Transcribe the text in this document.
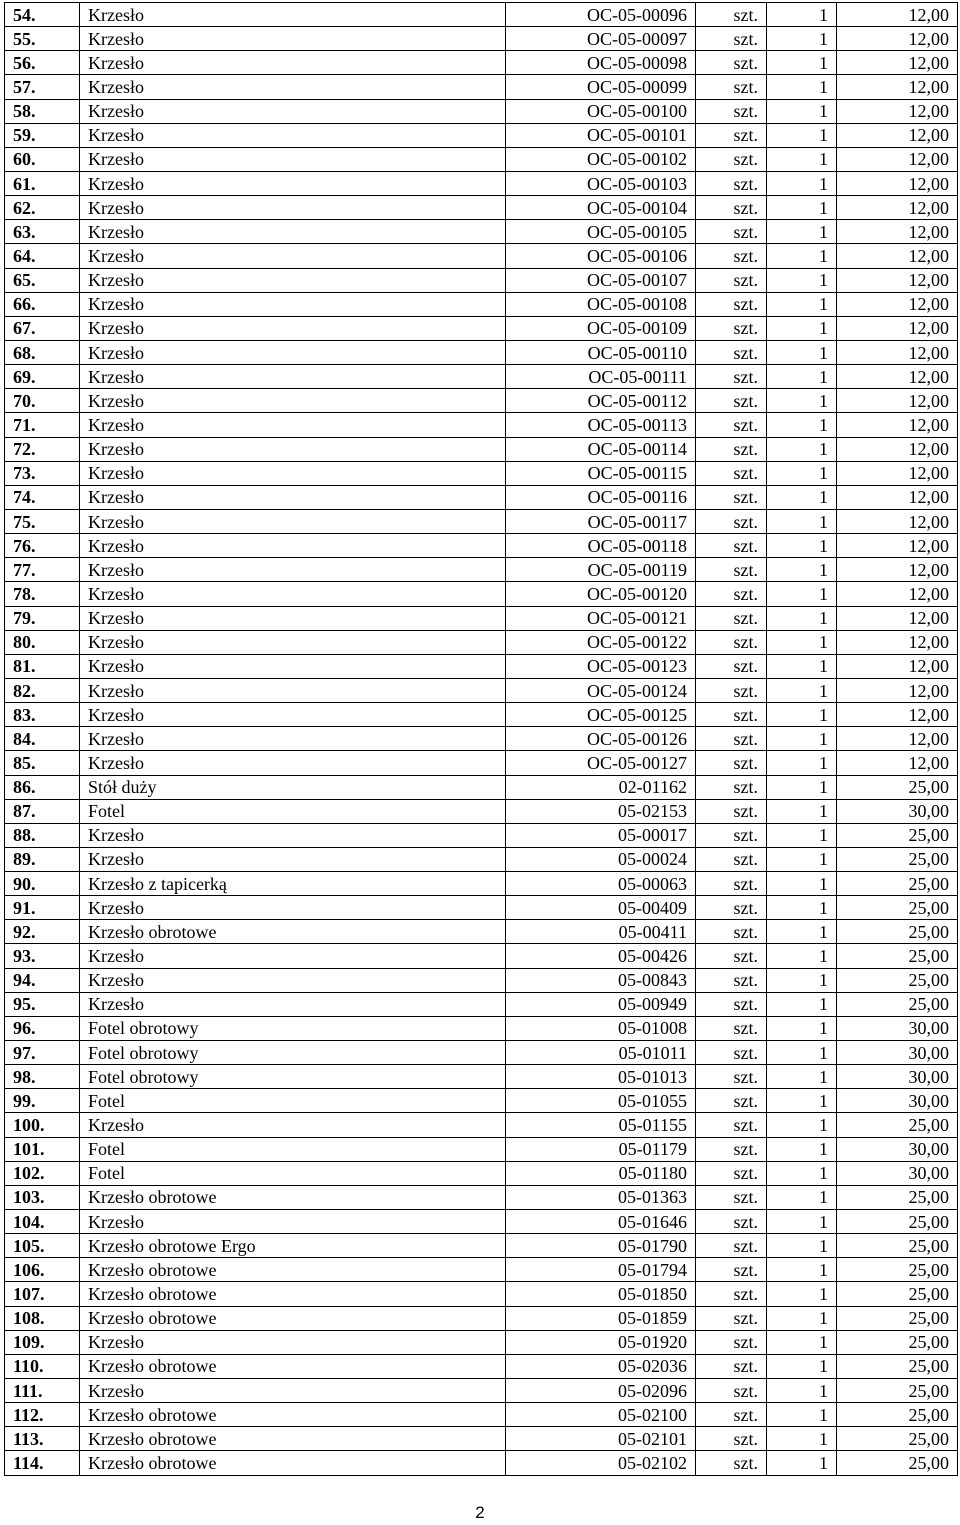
54.	Krzesło	OC-05-00096	szt.	1	12,00
55.	Krzesło	OC-05-00097	szt.	1	12,00
56.	Krzesło	OC-05-00098	szt.	1	12,00
57.	Krzesło	OC-05-00099	szt.	1	12,00
58.	Krzesło	OC-05-00100	szt.	1	12,00
59.	Krzesło	OC-05-00101	szt.	1	12,00
60.	Krzesło	OC-05-00102	szt.	1	12,00
61.	Krzesło	OC-05-00103	szt.	1	12,00
62.	Krzesło	OC-05-00104	szt.	1	12,00
63.	Krzesło	OC-05-00105	szt.	1	12,00
64.	Krzesło	OC-05-00106	szt.	1	12,00
65.	Krzesło	OC-05-00107	szt.	1	12,00
66.	Krzesło	OC-05-00108	szt.	1	12,00
67.	Krzesło	OC-05-00109	szt.	1	12,00
68.	Krzesło	OC-05-00110	szt.	1	12,00
69.	Krzesło	OC-05-00111	szt.	1	12,00
70.	Krzesło	OC-05-00112	szt.	1	12,00
71.	Krzesło	OC-05-00113	szt.	1	12,00
72.	Krzesło	OC-05-00114	szt.	1	12,00
73.	Krzesło	OC-05-00115	szt.	1	12,00
74.	Krzesło	OC-05-00116	szt.	1	12,00
75.	Krzesło	OC-05-00117	szt.	1	12,00
76.	Krzesło	OC-05-00118	szt.	1	12,00
77.	Krzesło	OC-05-00119	szt.	1	12,00
78.	Krzesło	OC-05-00120	szt.	1	12,00
79.	Krzesło	OC-05-00121	szt.	1	12,00
80.	Krzesło	OC-05-00122	szt.	1	12,00
81.	Krzesło	OC-05-00123	szt.	1	12,00
82.	Krzesło	OC-05-00124	szt.	1	12,00
83.	Krzesło	OC-05-00125	szt.	1	12,00
84.	Krzesło	OC-05-00126	szt.	1	12,00
85.	Krzesło	OC-05-00127	szt.	1	12,00
86.	Stół duży	02-01162	szt.	1	25,00
87.	Fotel	05-02153	szt.	1	30,00
88.	Krzesło	05-00017	szt.	1	25,00
89.	Krzesło	05-00024	szt.	1	25,00
90.	Krzesło z tapicerką	05-00063	szt.	1	25,00
91.	Krzesło	05-00409	szt.	1	25,00
92.	Krzesło obrotowe	05-00411	szt.	1	25,00
93.	Krzesło	05-00426	szt.	1	25,00
94.	Krzesło	05-00843	szt.	1	25,00
95.	Krzesło	05-00949	szt.	1	25,00
96.	Fotel obrotowy	05-01008	szt.	1	30,00
97.	Fotel obrotowy	05-01011	szt.	1	30,00
98.	Fotel obrotowy	05-01013	szt.	1	30,00
99.	Fotel	05-01055	szt.	1	30,00
100.	Krzesło	05-01155	szt.	1	25,00
101.	Fotel	05-01179	szt.	1	30,00
102.	Fotel	05-01180	szt.	1	30,00
103.	Krzesło obrotowe	05-01363	szt.	1	25,00
104.	Krzesło	05-01646	szt.	1	25,00
105.	Krzesło obrotowe Ergo	05-01790	szt.	1	25,00
106.	Krzesło obrotowe	05-01794	szt.	1	25,00
107.	Krzesło obrotowe	05-01850	szt.	1	25,00
108.	Krzesło obrotowe	05-01859	szt.	1	25,00
109.	Krzesło	05-01920	szt.	1	25,00
110.	Krzesło obrotowe	05-02036	szt.	1	25,00
111.	Krzesło	05-02096	szt.	1	25,00
112.	Krzesło obrotowe	05-02100	szt.	1	25,00
113.	Krzesło obrotowe	05-02101	szt.	1	25,00
114.	Krzesło obrotowe	05-02102	szt.	1	25,00
2
